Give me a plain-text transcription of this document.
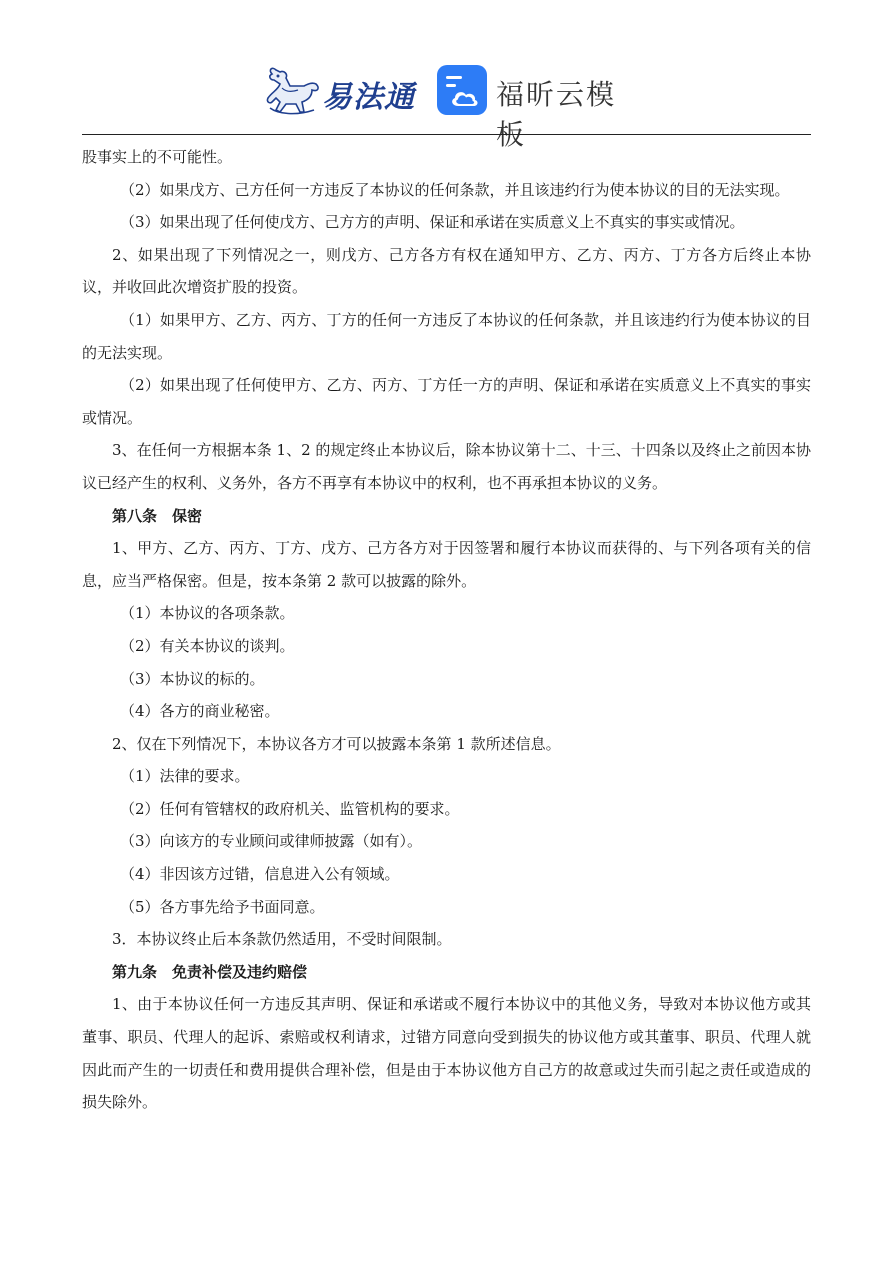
易法通	福昕云模板

股事实上的不可能性。

（2）如果戊方、己方任何一方违反了本协议的任何条款，并且该违约行为使本协议的目的无法实现。

（3）如果出现了任何使戊方、己方方的声明、保证和承诺在实质意义上不真实的事实或情况。

2、如果出现了下列情况之一，则戊方、己方各方有权在通知甲方、乙方、丙方、丁方各方后终止本协议，并收回此次增资扩股的投资。

（1）如果甲方、乙方、丙方、丁方的任何一方违反了本协议的任何条款，并且该违约行为使本协议的目的无法实现。

（2）如果出现了任何使甲方、乙方、丙方、丁方任一方的声明、保证和承诺在实质意义上不真实的事实或情况。

3、在任何一方根据本条 1、2 的规定终止本协议后，除本协议第十二、十三、十四条以及终止之前因本协议已经产生的权利、义务外，各方不再享有本协议中的权利，也不再承担本协议的义务。

第八条　保密

1、甲方、乙方、丙方、丁方、戊方、己方各方对于因签署和履行本协议而获得的、与下列各项有关的信息，应当严格保密。但是，按本条第 2 款可以披露的除外。

（1）本协议的各项条款。

（2）有关本协议的谈判。

（3）本协议的标的。

（4）各方的商业秘密。

2、仅在下列情况下，本协议各方才可以披露本条第 1 款所述信息。

（1）法律的要求。

（2）任何有管辖权的政府机关、监管机构的要求。

（3）向该方的专业顾问或律师披露（如有）。

（4）非因该方过错，信息进入公有领域。

（5）各方事先给予书面同意。

3．本协议终止后本条款仍然适用，不受时间限制。

第九条　免责补偿及违约赔偿

1、由于本协议任何一方违反其声明、保证和承诺或不履行本协议中的其他义务，导致对本协议他方或其董事、职员、代理人的起诉、索赔或权利请求，过错方同意向受到损失的协议他方或其董事、职员、代理人就因此而产生的一切责任和费用提供合理补偿，但是由于本协议他方自己方的故意或过失而引起之责任或造成的损失除外。
